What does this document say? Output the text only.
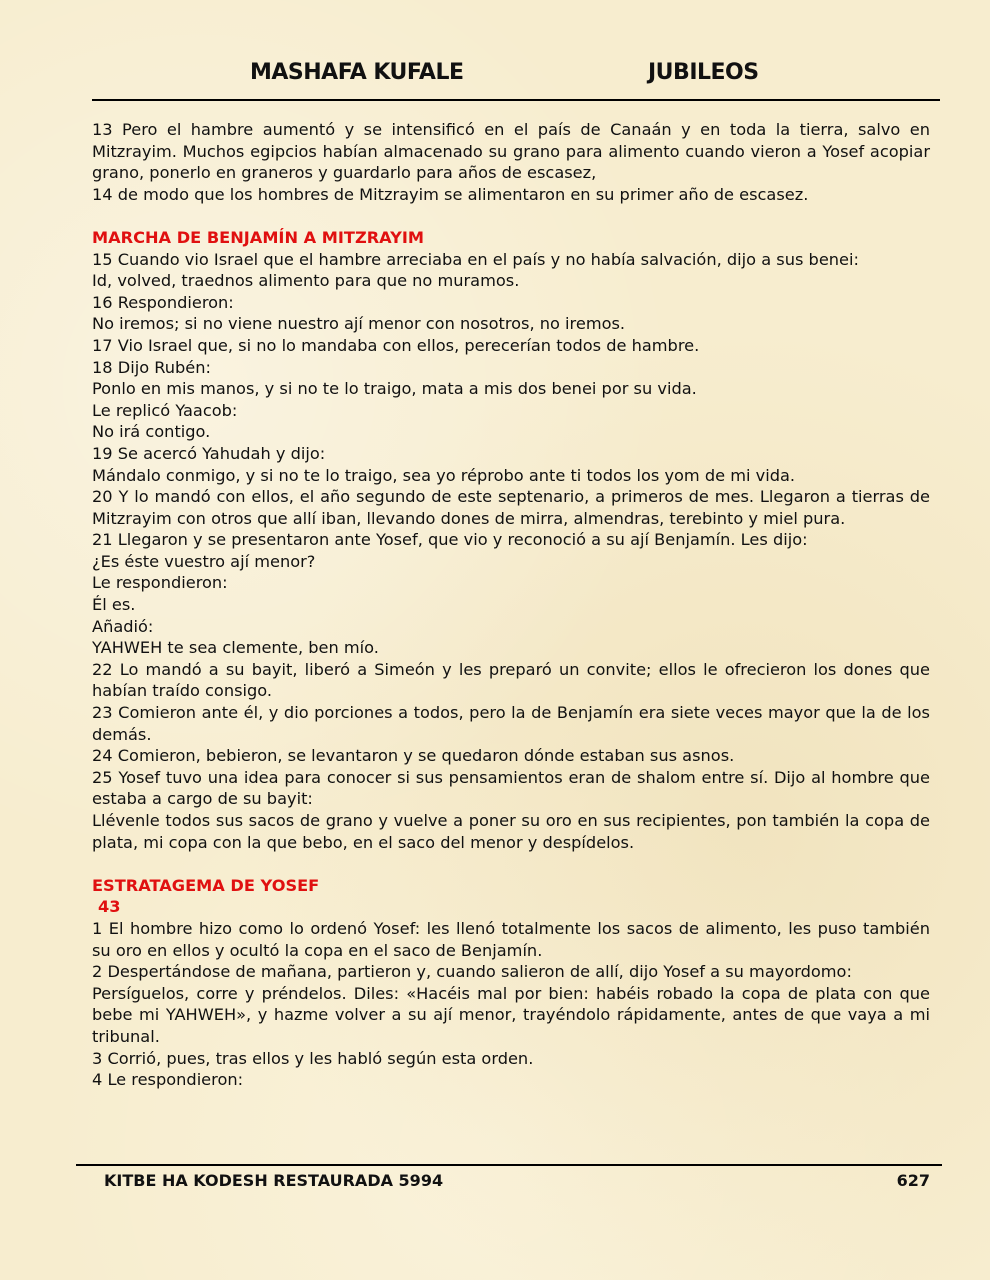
MASHAFA KUFALE	JUBILEOS

13 Pero el hambre aumentó y se intensificó en el país de Canaán y en toda la tierra, salvo en Mitzrayim. Muchos egipcios habían almacenado su grano para alimento cuando vieron a Yosef acopiar grano, ponerlo en graneros y guardarlo para años de escasez,

14 de modo que los hombres de Mitzrayim se alimentaron en su primer año de escasez.

MARCHA DE BENJAMÍN A MITZRAYIM

15 Cuando vio Israel que el hambre arreciaba en el país y no había salvación, dijo a sus benei:

Id, volved, traednos alimento para que no muramos.

16 Respondieron:

No iremos; si no viene nuestro ají menor con nosotros, no iremos.

17 Vio Israel que, si no lo mandaba con ellos, perecerían todos de hambre.

18 Dijo Rubén:

Ponlo en mis manos, y si no te lo traigo, mata a mis dos benei por su vida.

Le replicó Yaacob:

No irá contigo.

19 Se acercó Yahudah y dijo:

Mándalo conmigo, y si no te lo traigo, sea yo réprobo ante ti todos los yom de mi vida.

20 Y lo mandó con ellos, el año segundo de este septenario, a primeros de mes. Llegaron a tierras de Mitzrayim con otros que allí iban, llevando dones de mirra, almendras, terebinto y miel pura.

21 Llegaron y se presentaron ante Yosef, que vio y reconoció a su ají Benjamín. Les dijo:

¿Es éste vuestro ají menor?

Le respondieron:

Él es.

Añadió:

YAHWEH te sea clemente, ben mío.

22 Lo mandó a su bayit, liberó a Simeón y les preparó un convite; ellos le ofrecieron los dones que habían traído consigo.

23 Comieron ante él, y dio porciones a todos, pero la de Benjamín era siete veces mayor que la de los demás.

24 Comieron, bebieron, se levantaron y se quedaron dónde estaban sus asnos.

25 Yosef tuvo una idea para conocer si sus pensamientos eran de shalom entre sí. Dijo al hombre que estaba a cargo de su bayit:

Llévenle todos sus sacos de grano y vuelve a poner su oro en sus recipientes, pon también la copa de plata, mi copa con la que bebo, en el saco del menor y despídelos.

ESTRATAGEMA DE YOSEF

43

1 El hombre hizo como lo ordenó Yosef: les llenó totalmente los sacos de alimento, les puso también su oro en ellos y ocultó la copa en el saco de Benjamín.

2 Despertándose de mañana, partieron y, cuando salieron de allí, dijo Yosef a su mayordomo:

Persíguelos, corre y préndelos. Diles: «Hacéis mal por bien: habéis robado la copa de plata con que bebe mi YAHWEH», y hazme volver a su ají menor, trayéndolo rápidamente, antes de que vaya a mi tribunal.

3 Corrió, pues, tras ellos y les habló según esta orden.

4 Le respondieron:

KITBE HA KODESH RESTAURADA 5994	627
